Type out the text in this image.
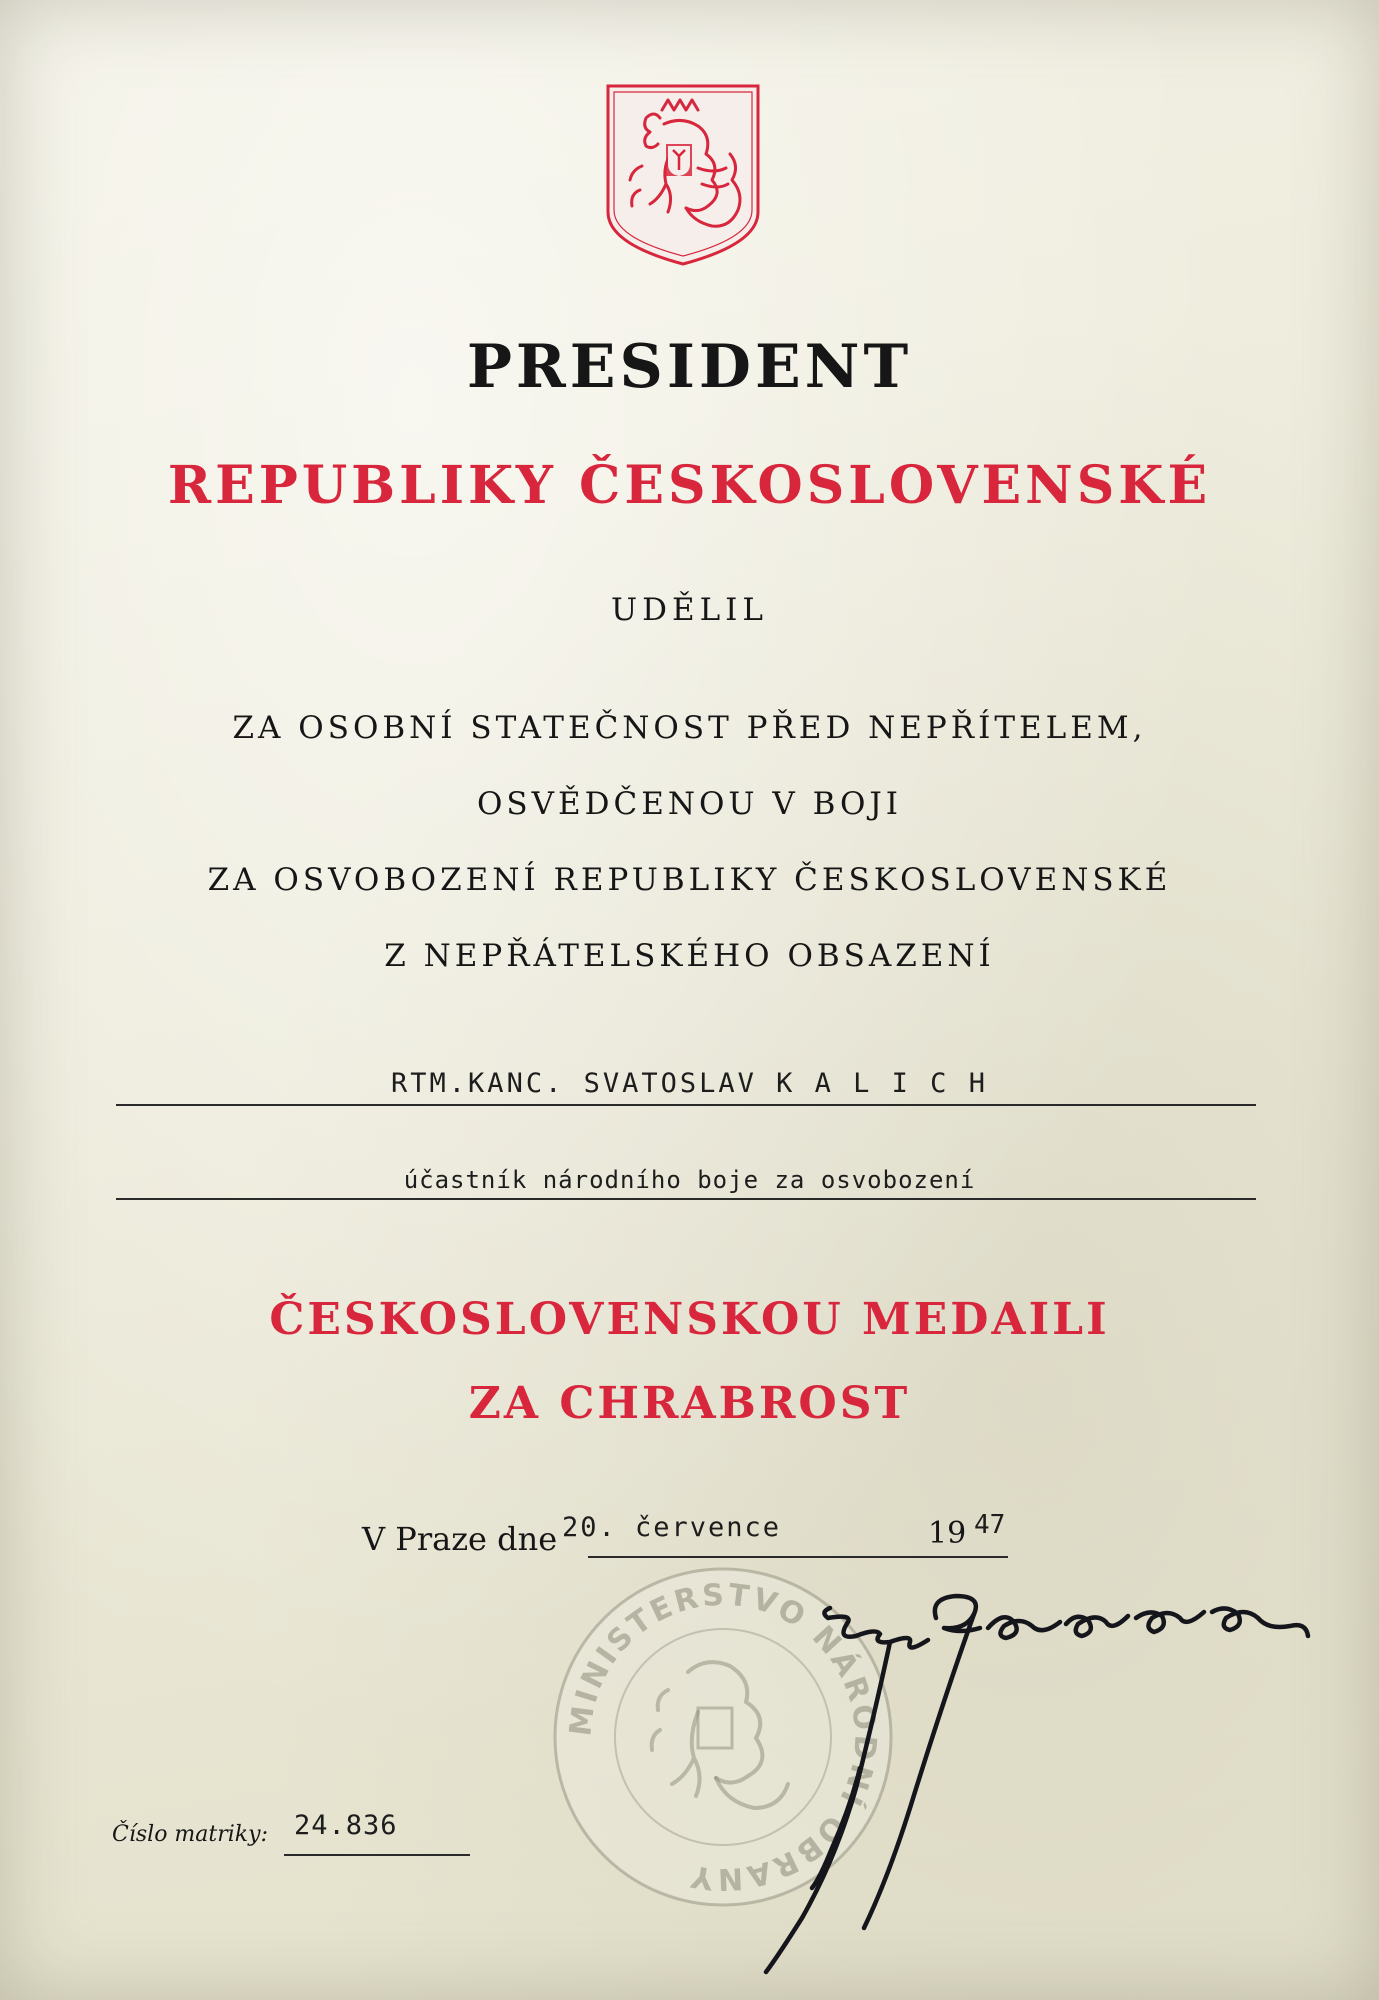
PRESIDENT
REPUBLIKY ČESKOSLOVENSKÉ
UDĚLIL
ZA OSOBNÍ STATEČNOST PŘED NEPŘÍTELEM,
OSVĚDČENOU V BOJI
ZA OSVOBOZENÍ REPUBLIKY ČESKOSLOVENSKÉ
Z NEPŘÁTELSKÉHO OBSAZENÍ
RTM.KANC. SVATOSLAV K A L I C H
účastník národního boje za osvobození
ČESKOSLOVENSKOU MEDAILI
ZA CHRABROST
V Praze dne 20. července	19 47
MINISTERSTVO NÁRODNÍ OBRANY
Číslo matriky: 24.836
